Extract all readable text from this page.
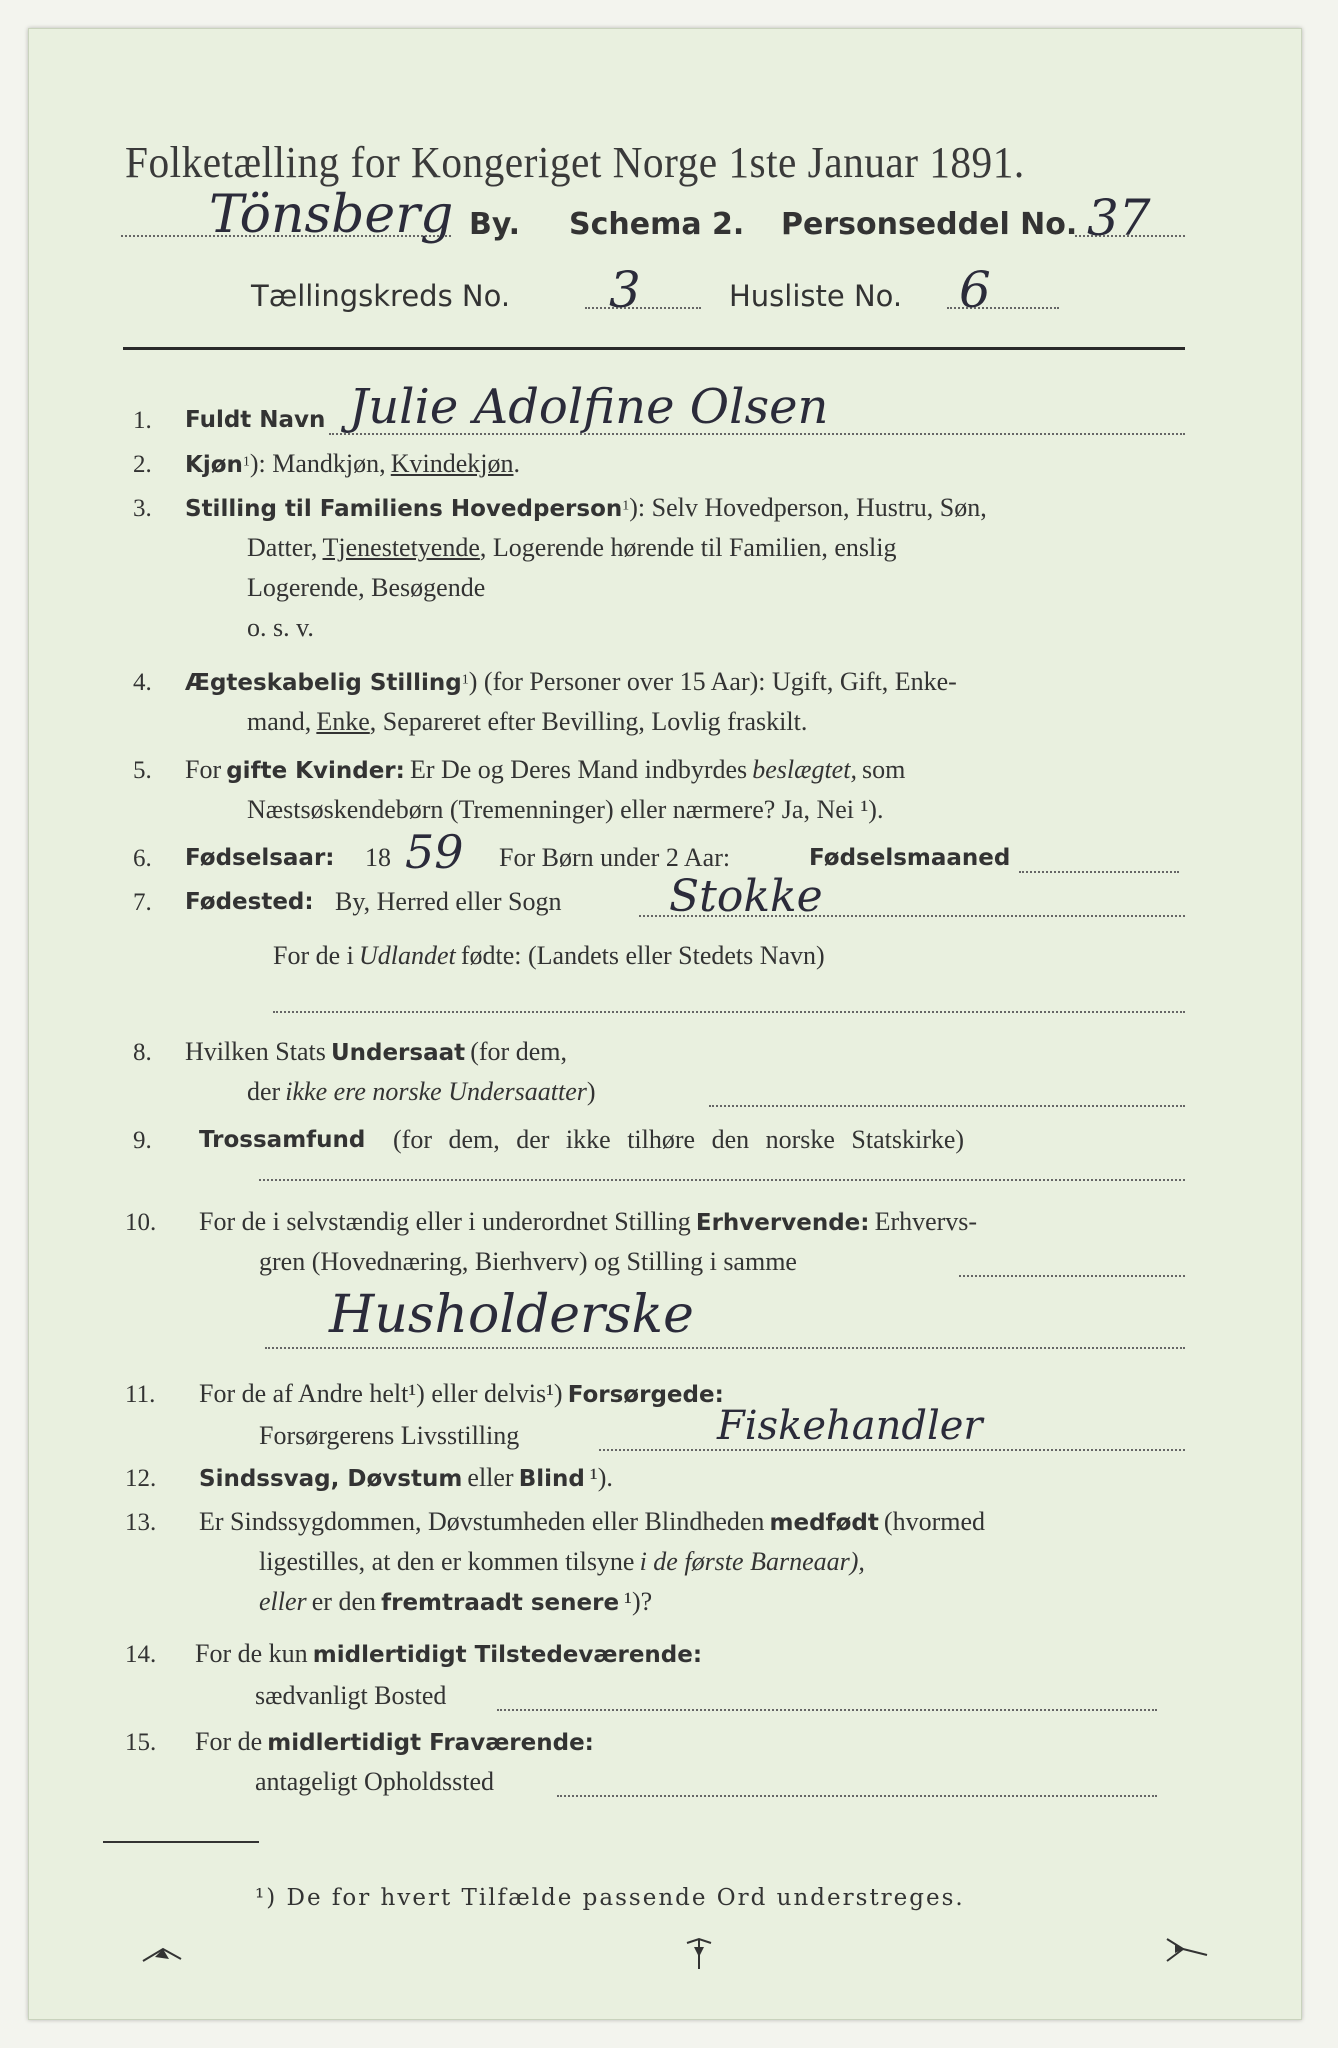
Folketælling for Kongeriget Norge 1ste Januar 1891.
Tönsberg By. Schema 2. Personseddel No. 37
Tællingskreds No. 3	Husliste No. 6
1. Fuldt Navn Julie Adolfine Olsen
2. Kjøn$^1$): Mandkjøn, Kvindekjøn.
3. Stilling til Familiens Hovedperson$^1$): Selv Hovedperson, Hustru, Søn,
Datter, Tjenestetyende, Logerende hørende til Familien, enslig
Logerende, Besøgende
o. s. v.
4. Ægteskabelig Stilling$^1$) (for Personer over 15 Aar): Ugift, Gift, Enke-
mand, Enke, Separeret efter Bevilling, Lovlig fraskilt.
5. For gifte Kvinder: Er De og Deres Mand indbyrdes beslægtet, som
Næstsøskendebørn (Tremenninger) eller nærmere? Ja, Nei ¹).
6. Fødselsaar: 18 59 For Børn under 2 Aar:	Fødselsmaaned
7. Fødested: By, Herred eller Sogn Stokke
For de i Udlandet fødte: (Landets eller Stedets Navn)
8. Hvilken Stats Undersaat (for dem,
der ikke ere norske Undersaatter)
9. Trossamfund (for dem, der ikke tilhøre den norske Statskirke)
10. For de i selvstændig eller i underordnet Stilling Erhvervende: Erhvervs-
gren (Hovednæring, Bierhverv) og Stilling i samme
Husholderske
11. For de af Andre helt¹) eller delvis¹) Forsørgede:
Forsørgerens Livsstilling	Fiskehandler
12. Sindssvag, Døvstum eller Blind ¹).
13. Er Sindssygdommen, Døvstumheden eller Blindheden medfødt (hvormed
ligestilles, at den er kommen tilsyne i de første Barneaar),
eller er den fremtraadt senere ¹)?
14. For de kun midlertidigt Tilstedeværende:
sædvanligt Bosted
15. For de midlertidigt Fraværende:
antageligt Opholdssted
¹) De for hvert Tilfælde passende Ord understreges.
